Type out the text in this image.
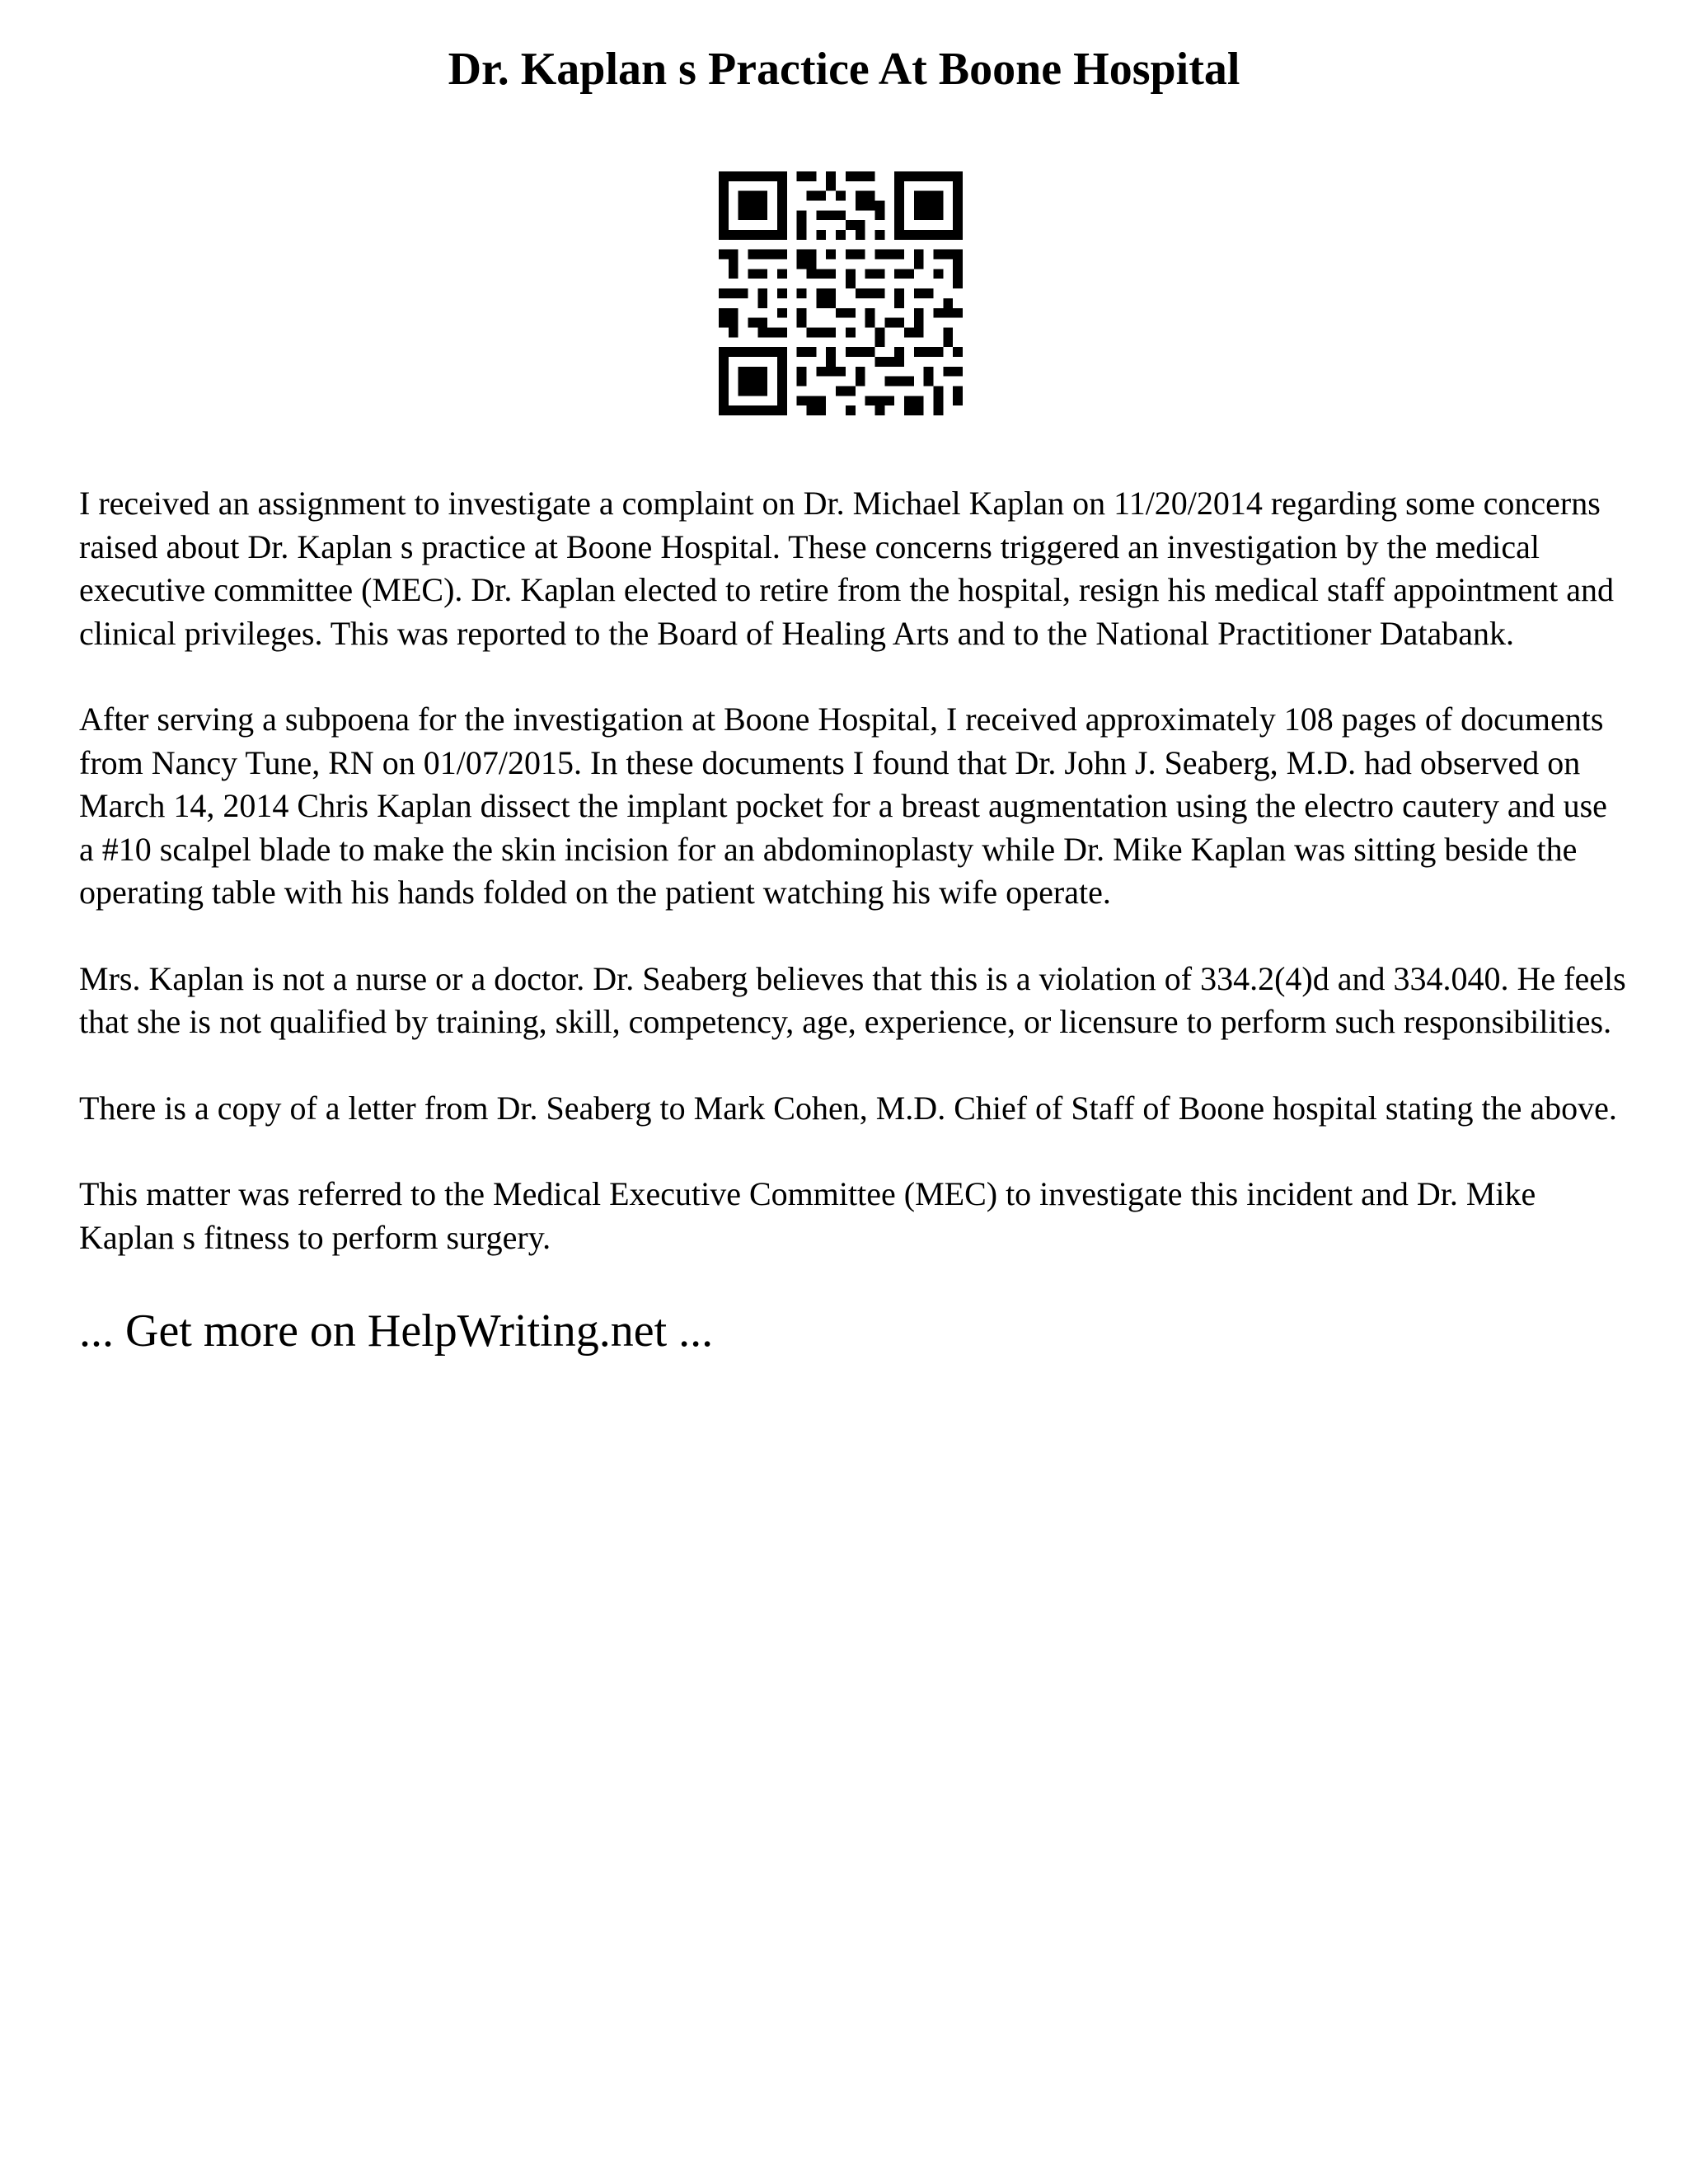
Dr. Kaplan s Practice At Boone Hospital

I received an assignment to investigate a complaint on Dr. Michael Kaplan on 11/20/2014 regarding some concerns raised about Dr. Kaplan s practice at Boone Hospital. These concerns triggered an investigation by the medical executive committee (MEC). Dr. Kaplan elected to retire from the hospital, resign his medical staff appointment and clinical privileges. This was reported to the Board of Healing Arts and to the National Practitioner Databank.

After serving a subpoena for the investigation at Boone Hospital, I received approximately 108 pages of documents from Nancy Tune, RN on 01/07/2015. In these documents I found that Dr. John J. Seaberg, M.D. had observed on March 14, 2014 Chris Kaplan dissect the implant pocket for a breast augmentation using the electro cautery and use a #10 scalpel blade to make the skin incision for an abdominoplasty while Dr. Mike Kaplan was sitting beside the operating table with his hands folded on the patient watching his wife operate.

Mrs. Kaplan is not a nurse or a doctor. Dr. Seaberg believes that this is a violation of 334.2(4)d and 334.040. He feels that she is not qualified by training, skill, competency, age, experience, or licensure to perform such responsibilities.

There is a copy of a letter from Dr. Seaberg to Mark Cohen, M.D. Chief of Staff of Boone hospital stating the above.

This matter was referred to the Medical Executive Committee (MEC) to investigate this incident and Dr. Mike Kaplan s fitness to perform surgery.

... Get more on HelpWriting.net ...
